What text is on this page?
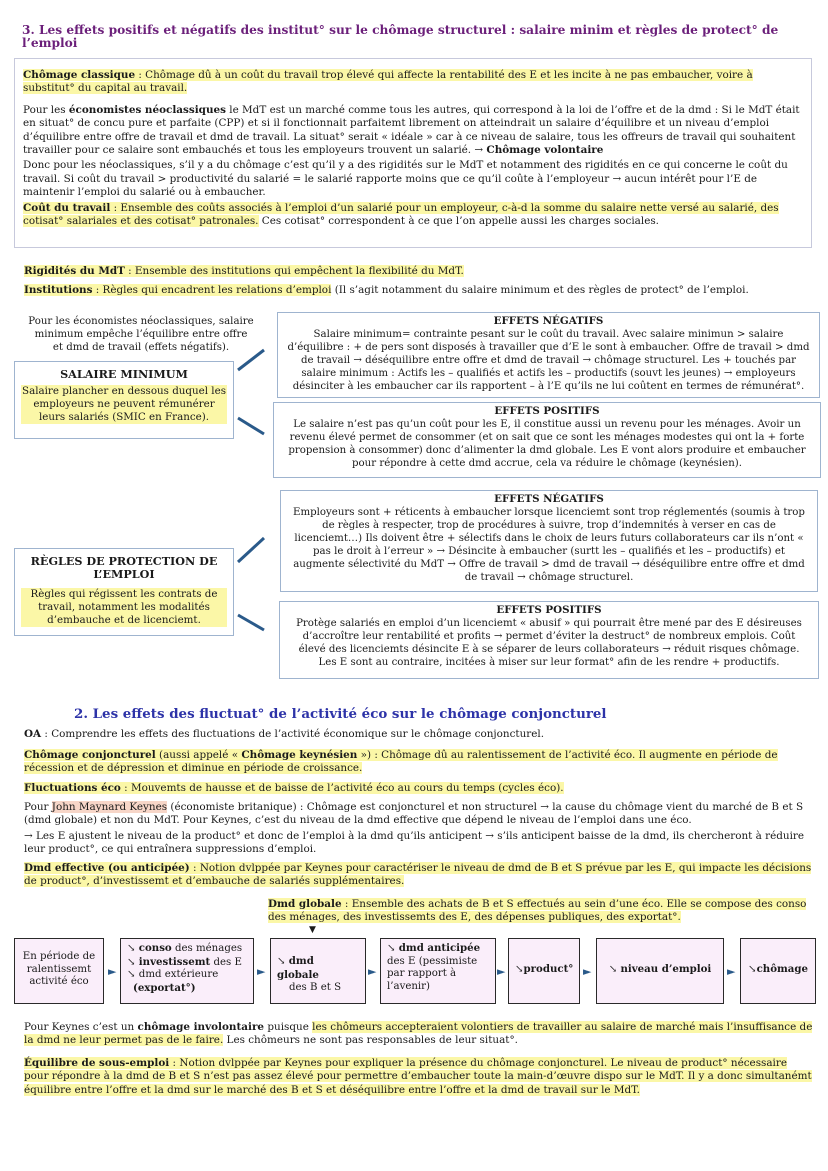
3. Les effets positifs et négatifs des institut° sur le chômage structurel : salaire minim et règles de protect° de l’emploi

Chômage classique : Chômage dû à un coût du travail trop élevé qui affecte la rentabilité des E et les incite à ne pas embaucher, voire à substitut° du capital au travail.

Pour les économistes néoclassiques le MdT est un marché comme tous les autres, qui correspond à la loi de l’offre et de la dmd : Si le MdT était en situat° de concu pure et parfaite (CPP) et si il fonctionnait parfaitemt librement on atteindrait un salaire d’équilibre et un niveau d’emploi d’équilibre entre offre de travail et dmd de travail. La situat° serait « idéale » car à ce niveau de salaire, tous les offreurs de travail qui souhaitent travailler pour ce salaire sont embauchés et tous les employeurs trouvent un salarié. → Chômage volontaire

Donc pour les néoclassiques, s’il y a du chômage c’est qu’il y a des rigidités sur le MdT et notamment des rigidités en ce qui concerne le coût du travail. Si coût du travail > productivité du salarié = le salarié rapporte moins que ce qu’il coûte à l’employeur → aucun intérêt pour l’E de maintenir l’emploi du salarié ou à embaucher.

Coût du travail : Ensemble des coûts associés à l’emploi d’un salarié pour un employeur, c-à-d la somme du salaire nette versé au salarié, des cotisat° salariales et des cotisat° patronales. Ces cotisat° correspondent à ce que l’on appelle aussi les charges sociales.

Rigidités du MdT : Ensemble des institutions qui empêchent la flexibilité du MdT.
Institutions : Règles qui encadrent les relations d’emploi (Il s’agit notamment du salaire minimum et des règles de protect° de l’emploi.
Pour les économistes néoclassiques, salaire minimum empêche l’équilibre entre offre et dmd de travail (effets négatifs).
SALAIRE MINIMUM
Salaire plancher en dessous duquel les employeurs ne peuvent rémunérer leurs salariés (SMIC en France).
EFFETS NÉGATIFS
Salaire minimum= contrainte pesant sur le coût du travail. Avec salaire minimun > salaire d’équilibre : + de pers sont disposés à travailler que d’E le sont à embaucher. Offre de travail > dmd de travail → déséquilibre entre offre et dmd de travail → chômage structurel. Les + touchés par salaire minimum : Actifs les – qualifiés et actifs les – productifs (souvt les jeunes) → employeurs désinciter à les embaucher car ils rapportent – à l’E qu’ils ne lui coûtent en termes de rémunérat°.
EFFETS POSITIFS
Le salaire n’est pas qu’un coût pour les E, il constitue aussi un revenu pour les ménages. Avoir un revenu élevé permet de consommer (et on sait que ce sont les ménages modestes qui ont la + forte propension à consommer) donc d’alimenter la dmd globale. Les E vont alors produire et embaucher pour répondre à cette dmd accrue, cela va réduire le chômage (keynésien).
RÈGLES DE PROTECTION DE L’EMPLOI
Règles qui régissent les contrats de travail, notamment les modalités d’embauche et de licenciemt.
EFFETS NÉGATIFS
Employeurs sont + réticents à embaucher lorsque licenciemt sont trop réglementés (soumis à trop de règles à respecter, trop de procédures à suivre, trop d’indemnités à verser en cas de licenciemt…) Ils doivent être + sélectifs dans le choix de leurs futurs collaborateurs car ils n’ont « pas le droit à l’erreur » → Désincite à embaucher (surtt les – qualifiés et les – productifs) et augmente sélectivité du MdT → Offre de travail > dmd de travail → déséquilibre entre offre et dmd de travail → chômage structurel.
EFFETS POSITIFS
Protège salariés en emploi d’un licenciemt « abusif » qui pourrait être mené par des E désireuses d’accroître leur rentabilité et profits → permet d’éviter la destruct° de nombreux emplois. Coût élevé des licenciemts désincite E à se séparer de leurs collaborateurs → réduit risques chômage. Les E sont au contraire, incitées à miser sur leur format° afin de les rendre + productifs.
2. Les effets des fluctuat° de l’activité éco sur le chômage conjoncturel
OA : Comprendre les effets des fluctuations de l’activité économique sur le chômage conjoncturel.
Chômage conjoncturel (aussi appelé « Chômage keynésien ») : Chômage dû au ralentissement de l’activité éco. Il augmente en période de récession et de dépression et diminue en période de croissance.
Fluctuations éco : Mouvemts de hausse et de baisse de l’activité éco au cours du temps (cycles éco).
Pour John Maynard Keynes (économiste britanique) : Chômage est conjoncturel et non structurel → la cause du chômage vient du marché de B et S (dmd globale) et non du MdT. Pour Keynes, c’est du niveau de la dmd effective que dépend le niveau de l’emploi dans une éco.
→ Les E ajustent le niveau de la product° et donc de l’emploi à la dmd qu’ils anticipent → s’ils anticipent baisse de la dmd, ils chercheront à réduire leur product°, ce qui entraînera suppressions d’emploi.
Dmd effective (ou anticipée) : Notion dvlppée par Keynes pour caractériser le niveau de dmd de B et S prévue par les E, qui impacte les décisions de product°, d’investissemt et d’embauche de salariés supplémentaires.
Dmd globale : Ensemble des achats de B et S effectués au sein d’une éco. Elle se compose des conso des ménages, des investissemts des E, des dépenses publiques, des exportat°.
▼
En période de ralentissemt activité éco
►
↘ conso des ménages
↘ investissemt des E
↘ dmd extérieure
(exportat°)
►
↘ dmd globale
des B et S
►
↘ dmd anticipée
des E (pessimiste par rapport à l’avenir)
► ↘product° ►	↘ niveau d’emploi	►	↘chômage
Pour Keynes c’est un chômage involontaire puisque les chômeurs accepteraient volontiers de travailler au salaire de marché mais l’insuffisance de la dmd ne leur permet pas de le faire. Les chômeurs ne sont pas responsables de leur situat°.
Équilibre de sous-emploi : Notion dvlppée par Keynes pour expliquer la présence du chômage conjoncturel. Le niveau de product° nécessaire pour répondre à la dmd de B et S n’est pas assez élevé pour permettre d’embaucher toute la main-d’œuvre dispo sur le MdT. Il y a donc simultanémt équilibre entre l’offre et la dmd sur le marché des B et S et déséquilibre entre l’offre et la dmd de travail sur le MdT.
